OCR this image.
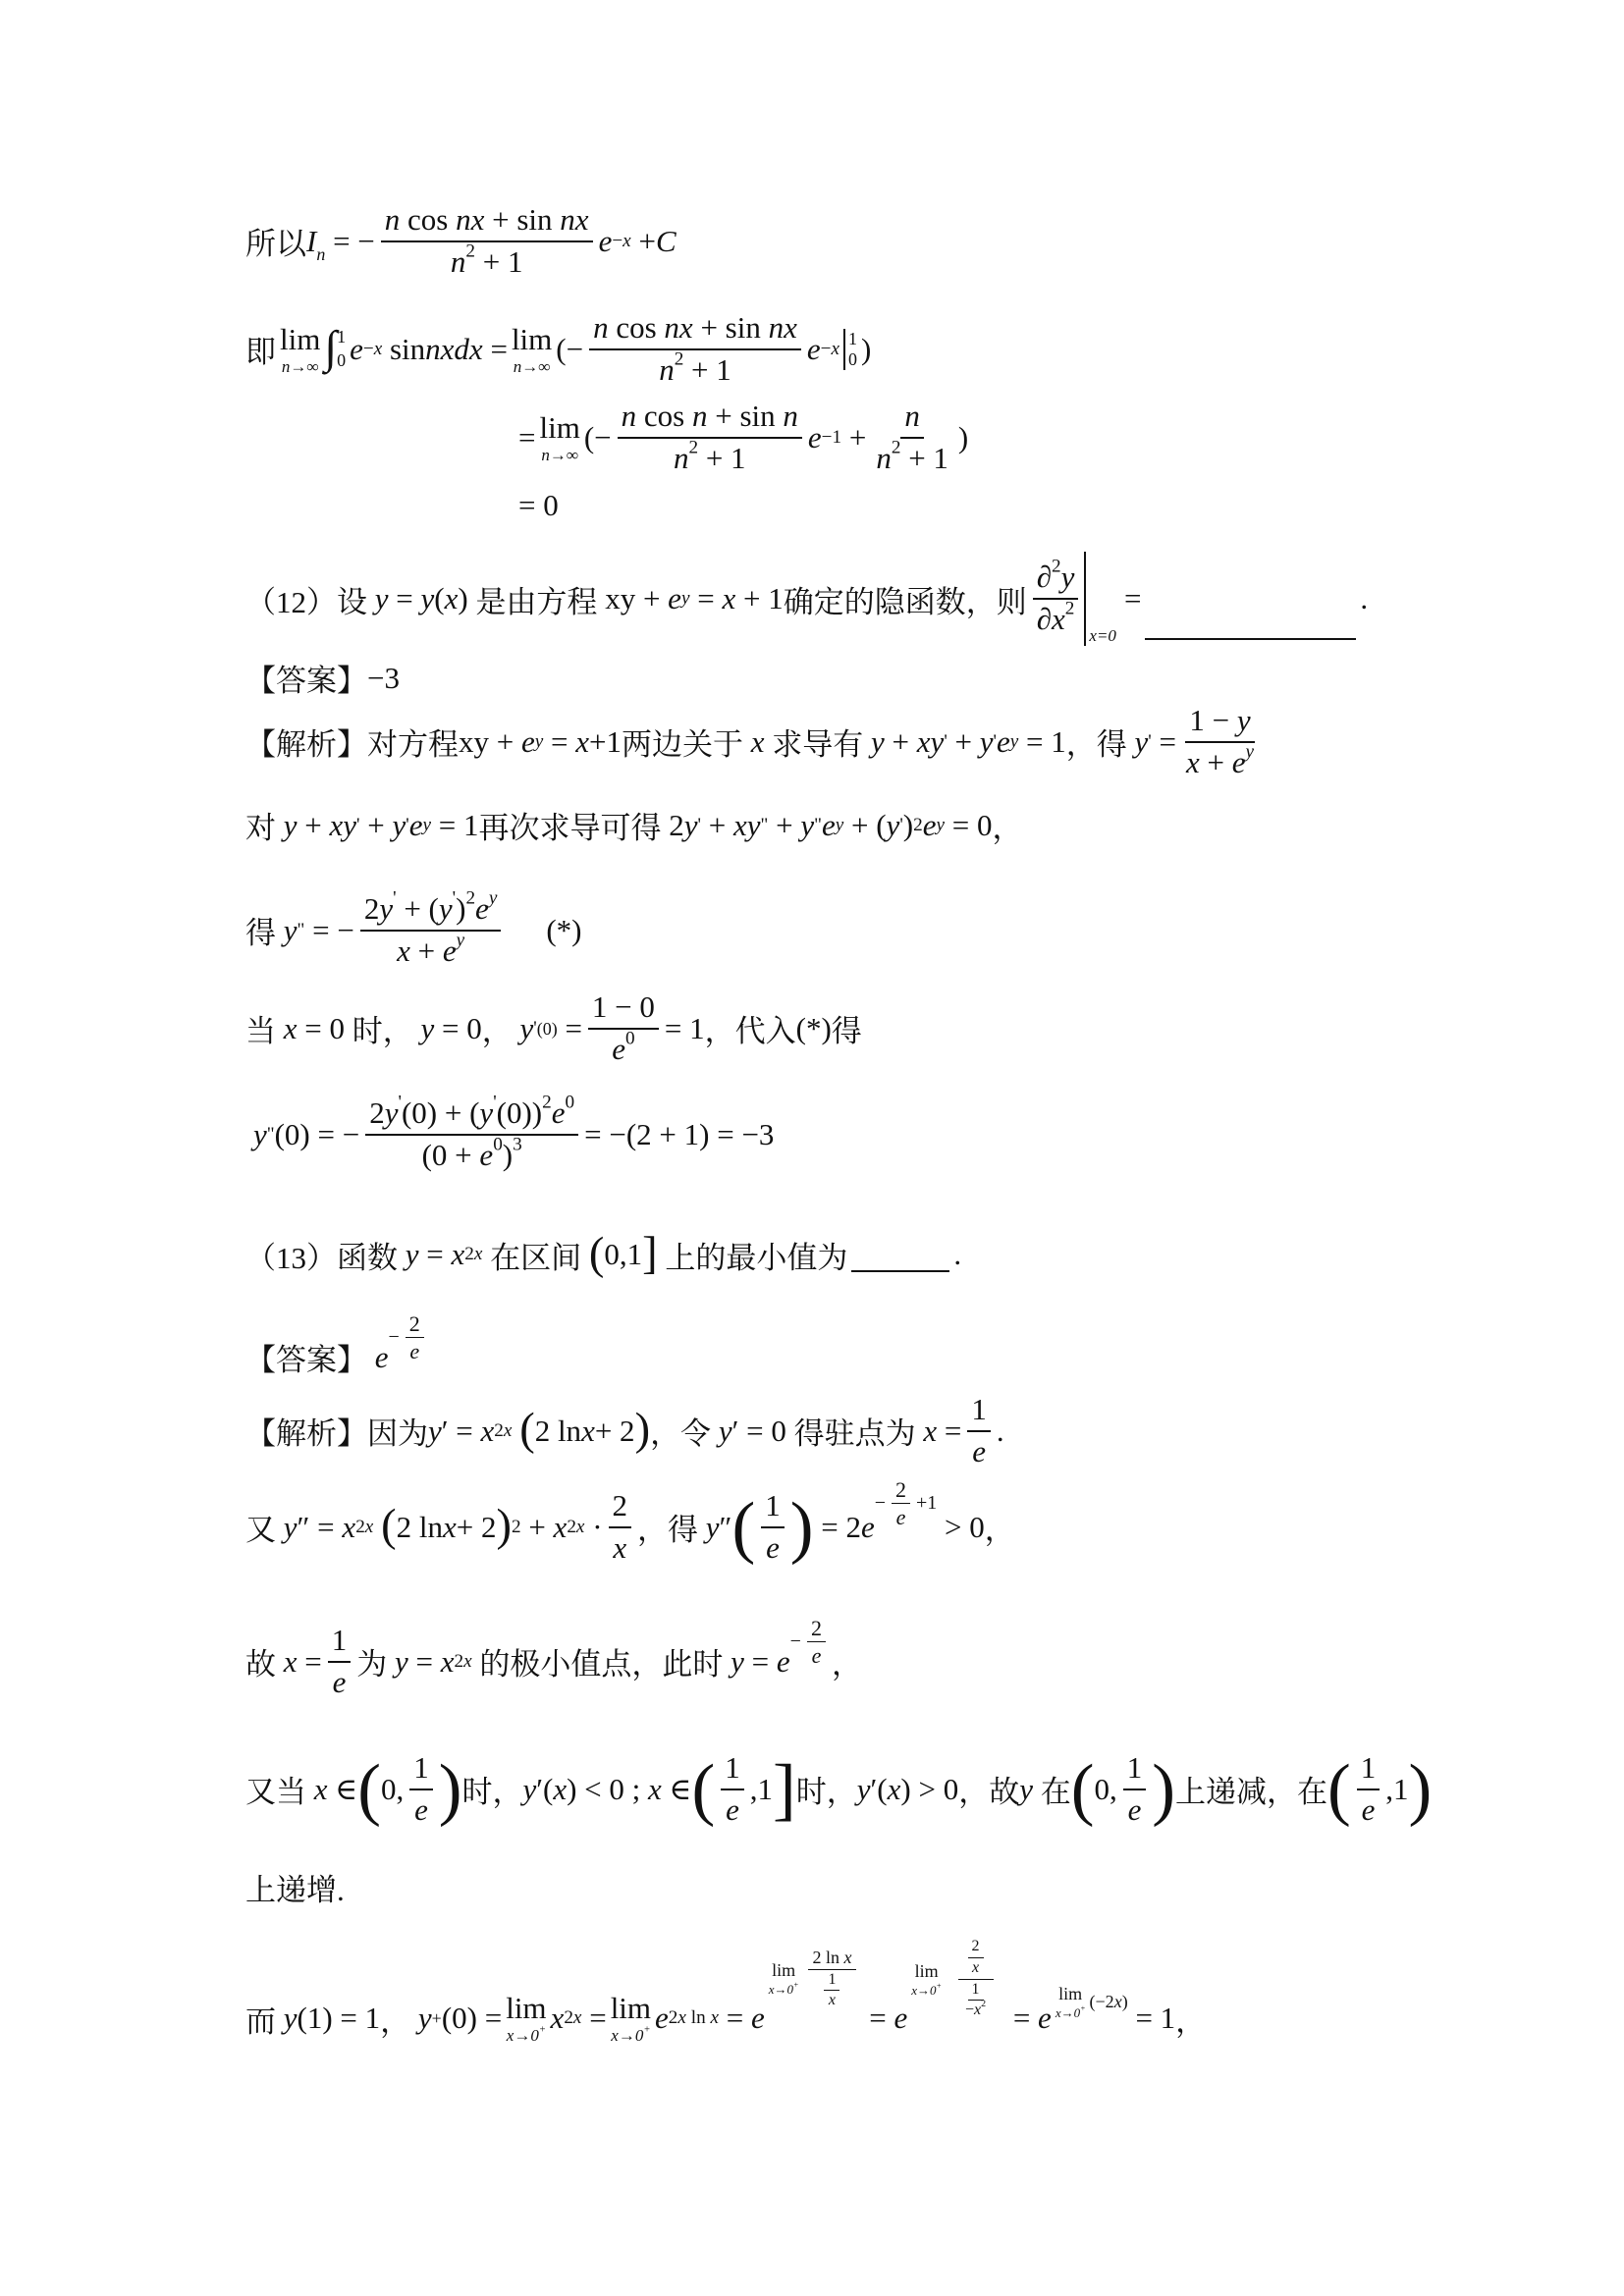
所以 $I_n$ = − $\frac{\text{n cos nx + sin nx}}{n^2 + 1}$ e −x + C
即 lim
n→∞ ∫ 1
0 e −x sin nxdx = lim
n→∞
(− $\frac{\text{n cos nx + sin nx}}{n^2 + 1}$ e −x 1
0 )
= lim
n→∞
(− $\frac{\text{n cos n + sin n}}{n^2 + 1}$ $e -1 + \frac{n}{n^2 + 1}$ )
= 0
（12）设
y = y ( x ) 是由方程 xy + e y = x + 1 确定的隐函数，则 $\frac{\partial^2y}{\partial x^2} x=0$
=	.
【答案】 −3
【解析】 对方程 xy + e y = x +1 两边关于
x
求导有
y + xy ' + y ' e y = 1 ，得
y ' = $\frac{1 - y}{x + e^y}$
对
y + xy ' + y ' e y = 1 再次求导可得 2 y ' + xy " + y " e y + ( y ' ) 2 e y = 0 ，
得
y " = − $\frac{2y' + (y')^2e^y}{x + e^y}$ (*)
当
x = 0 时，
y = 0 ，
y ' $(0) = \frac{1 - 0}{e^0} = 1$ ，代入 (*) 得
y " (0) = − $\frac{2y'(0) + (y'(0))^2e^0}{(0 + e^0)^3} = -(2 + 1) = -3$
（13）函数
y = x 2x
在区间
( 0,1 ]
上的最小值为	.
【答案】
e
− $\frac{2}{e}$
【解析】 因为 y ′ = x 2x
( 2 ln x + 2 ) ，令
y ′ = 0 得驻点为
$x = \frac{1}{e}$ .
又
y ″ = x 2x
( 2 ln x + 2 ) 2 + x $2x \cdot \frac{2}{x}$ ， 得
y ″ ( $\frac{1}{e}$ ) = 2 e
− $\frac{2}{e} +1$
> 0 ，
故
$x = \frac{1}{e}$ 为
y = x 2x
的极小值点，此时
y = e
− $\frac{2}{e}$ ，
又当
x ∈ ( 0, $\frac{1}{e}$ ) 时， y ′( x ) < 0 ; x ∈ ( $\frac{1}{e} ,1$ ] 时， y ′( x ) > 0 ，故 y
在 ( 0, $\frac{1}{e}$ ) 上递减，在 ( $\frac{1}{e} ,1$ )
上递增.
而
y (1) = 1 ，
y + (0) = lim
x→0+ x 2x = lim
x→0+ e 2x ln x = e
lim
$x\to 0^+ \frac{\text{2 ln x}}{\frac{1}{x}}$
= e
lim
$x\to 0^+ \frac{\frac{2}{x}}{\frac{1}{-x^2}} = e$
lim
x→0+ (−2 x ) = 1 ，
